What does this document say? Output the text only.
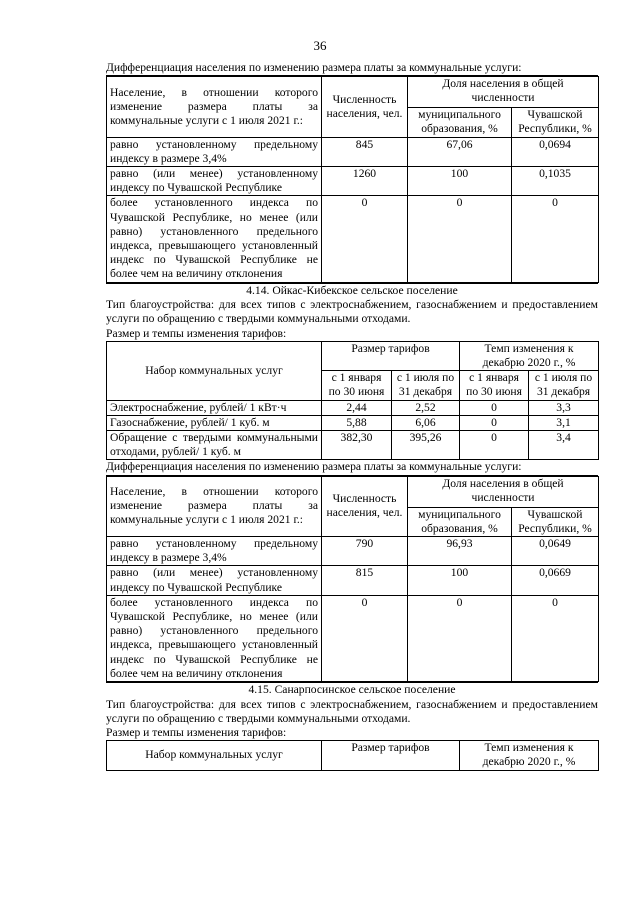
36
Дифференциация населения по изменению размера платы за коммунальные услуги:
Население, в отношении которого изменение размера платы за коммунальные услуги с 1 июля 2021 г.:	Численность населения, чел.	Доля населения в общей численности	
		муниципального образования, %	Чувашской Республики, %
равно установленному предельному индексу в размере 3,4%	845	67,06	0,0694
равно (или менее) установленному индексу по Чувашской Республике	1260	100	0,1035
более установленного индекса по Чувашской Республике, но менее (или равно) установленного предельного индекса, превышающего установленный индекс по Чувашской Республике не более чем на величину отклонения	0	0	0
4.14. Ойкас-Кибекское сельское поселение
Тип благоустройства: для всех типов с электроснабжением, газоснабжением и предоставлением услуги по обращению с твердыми коммунальными отходами.
Размер и темпы изменения тарифов:
Набор коммунальных услуг	Размер тарифов		Темп изменения к декабрю 2020 г., %	
	с 1 января по 30 июня	с 1 июля по 31 декабря	с 1 января по 30 июня	с 1 июля по 31 декабря
Электроснабжение, рублей/ 1 кВт·ч	2,44	2,52	0	3,3
Газоснабжение, рублей/ 1 куб. м	5,88	6,06	0	3,1
Обращение с твердыми коммунальными отходами, рублей/ 1 куб. м	382,30	395,26	0	3,4
Дифференциация населения по изменению размера платы за коммунальные услуги:
Население, в отношении которого изменение размера платы за коммунальные услуги с 1 июля 2021 г.:	Численность населения, чел.	Доля населения в общей численности	
		муниципального образования, %	Чувашской Республики, %
равно установленному предельному индексу в размере 3,4%	790	96,93	0,0649
равно (или менее) установленному индексу по Чувашской Республике	815	100	0,0669
более установленного индекса по Чувашской Республике, но менее (или равно) установленного предельного индекса, превышающего установленный индекс по Чувашской Республике не более чем на величину отклонения	0	0	0
4.15. Санарпосинское сельское поселение
Тип благоустройства: для всех типов с электроснабжением, газоснабжением и предоставлением услуги по обращению с твердыми коммунальными отходами.
Размер и темпы изменения тарифов:
Набор коммунальных услуг	Размер тарифов	Темп изменения к декабрю 2020 г., %
